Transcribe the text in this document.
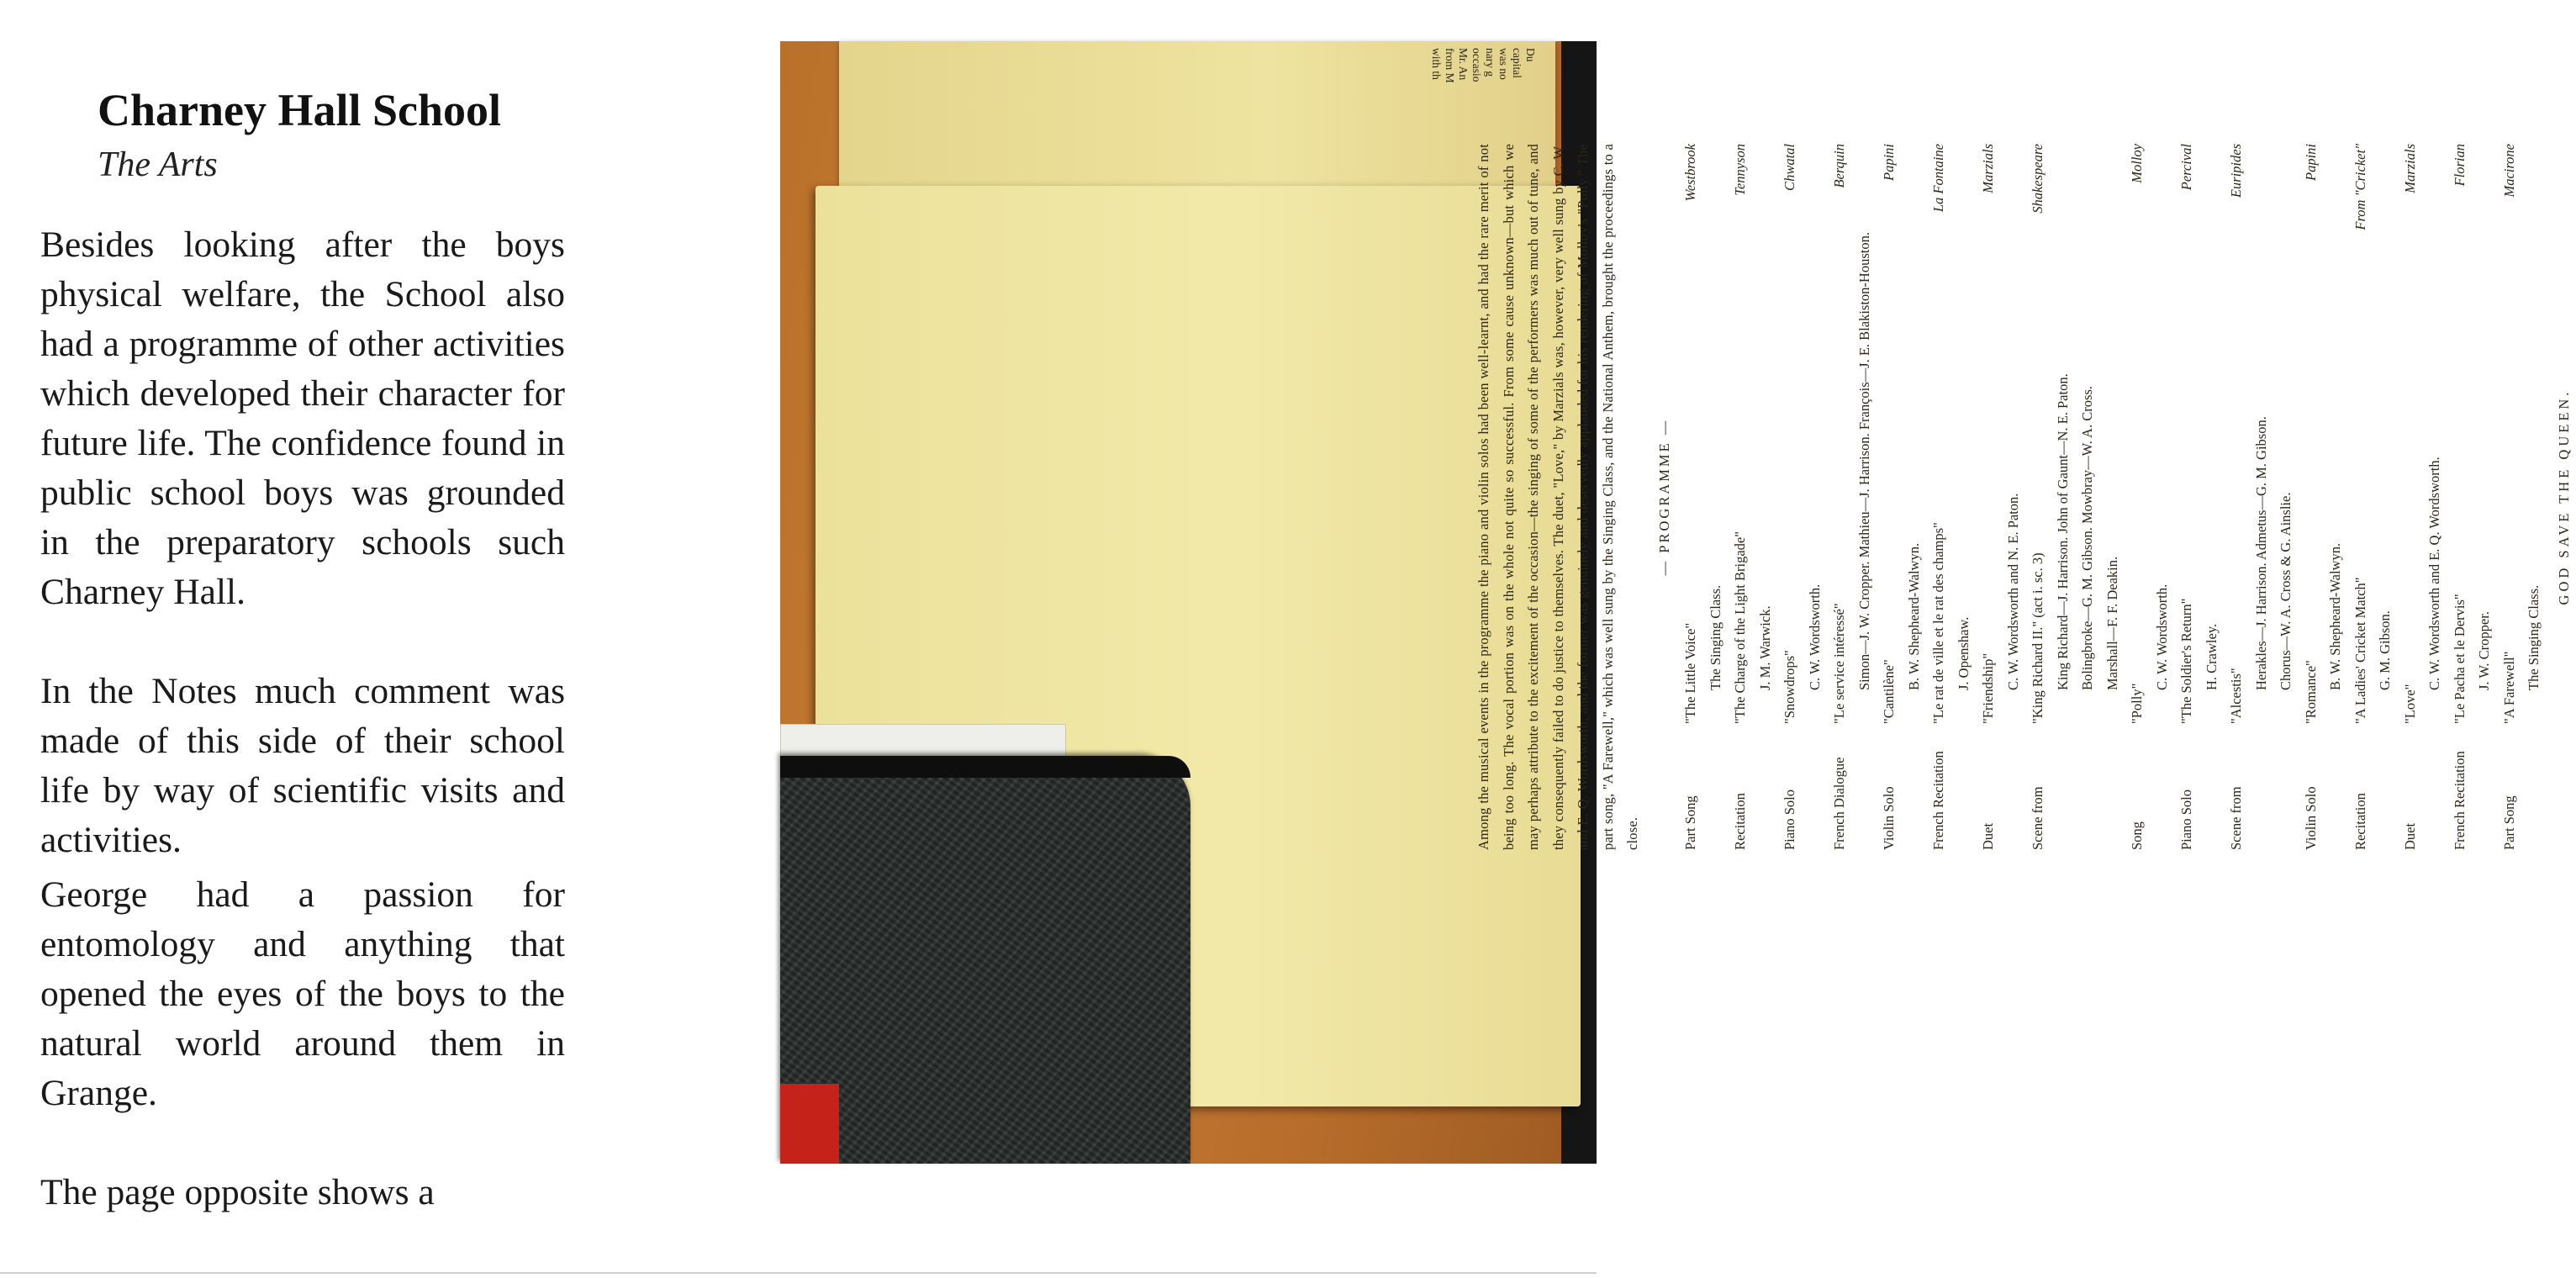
Charney Hall School

The Arts

Besides looking after the boys physical welfare, the School also had a programme of other activities which developed their character for future life. The confidence found in public school boys was grounded in the preparatory schools such Charney Hall.

In the Notes much comment was made of this side of their school life by way of scientific visits and activities.

George had a passion for entomology and anything that opened the eyes of the boys to the natural world around them in Grange.

The page opposite shows a

Du
capital
was no
nary g
occasio
Mr. An
from M
with th

Among the musical events in the programme the piano and violin solos had been well-learnt, and had the rare merit of not being too long. The vocal portion was on the whole not quite so successful. From some cause unknown—but which we may perhaps attribute to the excitement of the occasion—the singing of some of the performers was much out of tune, and they consequently failed to do justice to themselves. The duet, "Love," by Marzials was, however, very well sung by C. W. and E. Q. Wordsworth, and the former was genuinely and deservedly applauded for his rendering of Molloy's "Polly." The part song, "A Farewell," which was well sung by the Singing Class, and the National Anthem, brought the proceedings to a close.

— PROGRAMME —
Part Song
"The Little Voice"
Westbrook
The Singing Class.
Recitation
"The Charge of the Light Brigade"
Tennyson
J. M. Warwick.
Piano Solo
"Snowdrops"
Chwatal
C. W. Wordsworth.
French Dialogue
"Le service intéressé"
Berquin
Simon—J. W. Cropper. Mathieu—J. Harrison. François—J. E. Blakiston-Houston.
Violin Solo
"Cantilène"
Papini
B. W. Shepheard-Walwyn.
French Recitation
"Le rat de ville et le rat des champs"
La Fontaine
J. Openshaw.
Duet
"Friendship"
Marzials
C. W. Wordsworth and N. E. Paton.
Scene from
"King Richard II." (act i. sc. 3)
Shakespeare
King Richard—J. Harrison. John of Gaunt—N. E. Paton. Bolingbroke—G. M. Gibson. Mowbray—W. A. Cross. Marshall—F. F. Deakin.
Song
"Polly"
Molloy
C. W. Wordsworth.
Piano Solo
"The Soldier's Return"
Percival
H. Crawley.
Scene from
"Alcestis"
Euripides
Herakles—J. Harrison. Admetus—G. M. Gibson. Chorus—W. A. Cross & G. Ainslie.
Violin Solo
"Romance"
Papini
B. W. Shepheard-Walwyn.
Recitation
"A Ladies' Cricket Match"
From "Cricket"
G. M. Gibson.
Duet
"Love"
Marzials
C. W. Wordsworth and E. Q. Wordsworth.
French Recitation
"Le Pacha et le Dervis"
Florian
J. W. Cropper.
Part Song
"A Farewell"
Macirone
The Singing Class.
GOD SAVE THE QUEEN.
